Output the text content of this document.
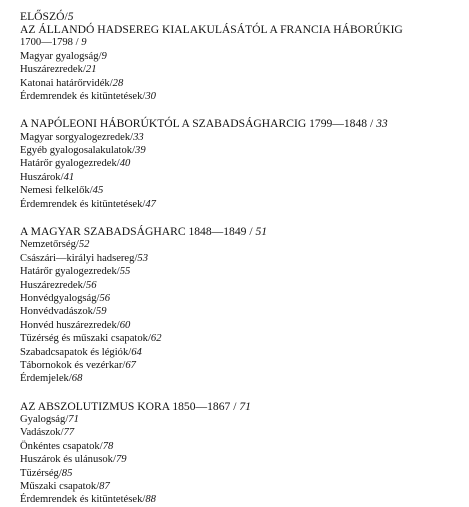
ELŐSZÓ/5
AZ ÁLLANDÓ HADSEREG KIALAKULÁSÁTÓL A FRANCIA HÁBORÚKIG
1700—1798 / 9
Magyar gyalogság/9
Huszárezredek/21
Katonai határőrvidék/28
Érdemrendek és kitüntetések/30
A NAPÓLEONI HÁBORÚKTÓL A SZABADSÁGHARCIG 1799—1848 / 33
Magyar sorgyalogezredek/33
Egyéb gyalogosalakulatok/39
Határőr gyalogezredek/40
Huszárok/41
Nemesi felkelők/45
Érdemrendek és kitüntetések/47
A MAGYAR SZABADSÁGHARC 1848—1849 / 51
Nemzetőrség/52
Császári—királyi hadsereg/53
Határőr gyalogezredek/55
Huszárezredek/56
Honvédgyalogság/56
Honvédvadászok/59
Honvéd huszárezredek/60
Tüzérség és műszaki csapatok/62
Szabadcsapatok és légiók/64
Tábornokok és vezérkar/67
Érdemjelek/68
AZ ABSZOLUTIZMUS KORA 1850—1867 / 71
Gyalogság/71
Vadászok/77
Önkéntes csapatok/78
Huszárok és ulánusok/79
Tüzérség/85
Műszaki csapatok/87
Érdemrendek és kitüntetések/88
